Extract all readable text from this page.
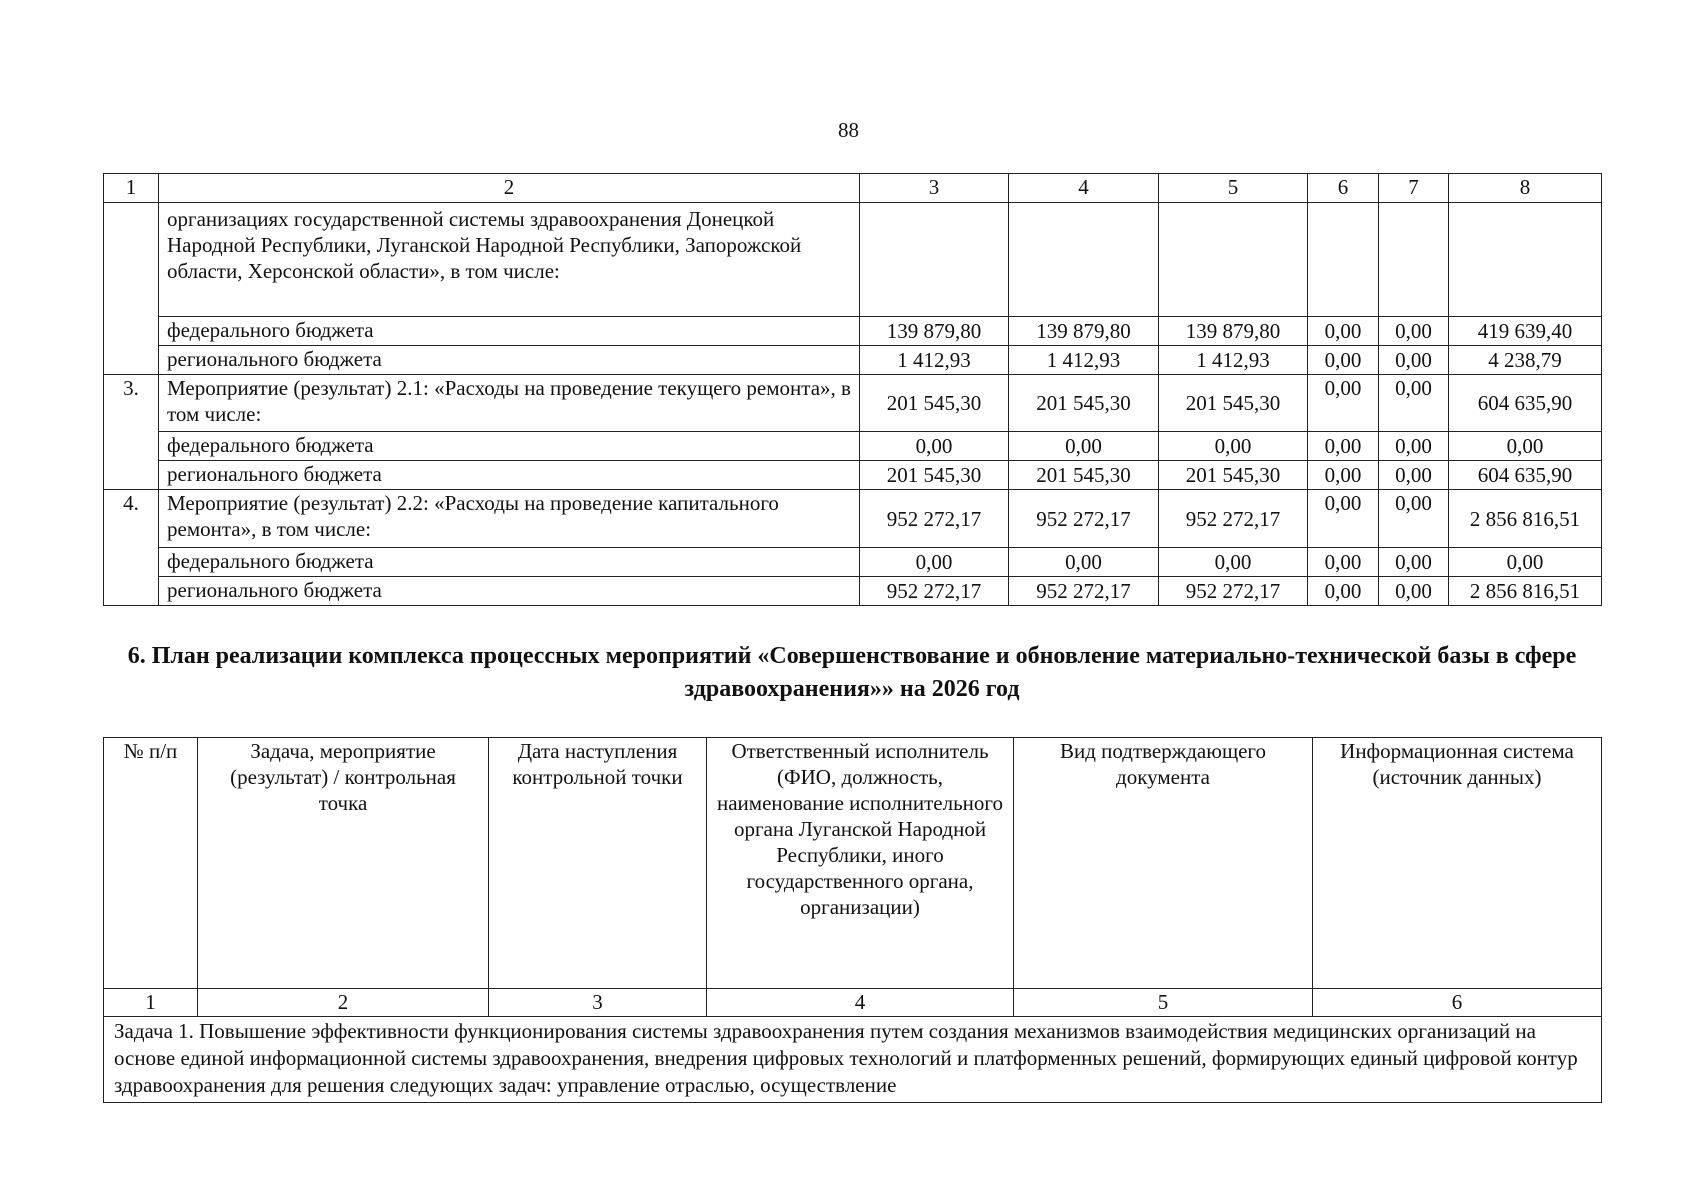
88
1	2	3	4	5	6	7	8
	организациях государственной системы здравоохранения Донецкой Народной Республики, Луганской Народной Республики, Запорожской области, Херсонской области», в том числе:						
	федерального бюджета	139 879,80	139 879,80	139 879,80	0,00	0,00	419 639,40
	регионального бюджета	1 412,93	1 412,93	1 412,93	0,00	0,00	4 238,79
3.	Мероприятие (результат) 2.1: «Расходы на проведение текущего ремонта», в том числе:	201 545,30	201 545,30	201 545,30	0,00	0,00	604 635,90
	федерального бюджета	0,00	0,00	0,00	0,00	0,00	0,00
	регионального бюджета	201 545,30	201 545,30	201 545,30	0,00	0,00	604 635,90
4.	Мероприятие (результат) 2.2: «Расходы на проведение капитального ремонта», в том числе:	952 272,17	952 272,17	952 272,17	0,00	0,00	2 856 816,51
	федерального бюджета	0,00	0,00	0,00	0,00	0,00	0,00
	регионального бюджета	952 272,17	952 272,17	952 272,17	0,00	0,00	2 856 816,51
6. План реализации комплекса процессных мероприятий «Совершенствование и обновление материально-технической базы в сфере здравоохранения»» на 2026 год
№ п/п	Задача, мероприятие (результат) / контрольная точка	Дата наступления контрольной точки	Ответственный исполнитель (ФИО, должность, наименование исполнительного органа Луганской Народной Республики, иного государственного органа, организации)	Вид подтверждающего документа	Информационная система (источник данных)
1	2	3	4	5	6
Задача 1. Повышение эффективности функционирования системы здравоохранения путем создания механизмов взаимодействия медицинских организаций на основе единой информационной системы здравоохранения, внедрения цифровых технологий и платформенных решений, формирующих единый цифровой контур здравоохранения для решения следующих задач: управление отраслью, осуществление					
